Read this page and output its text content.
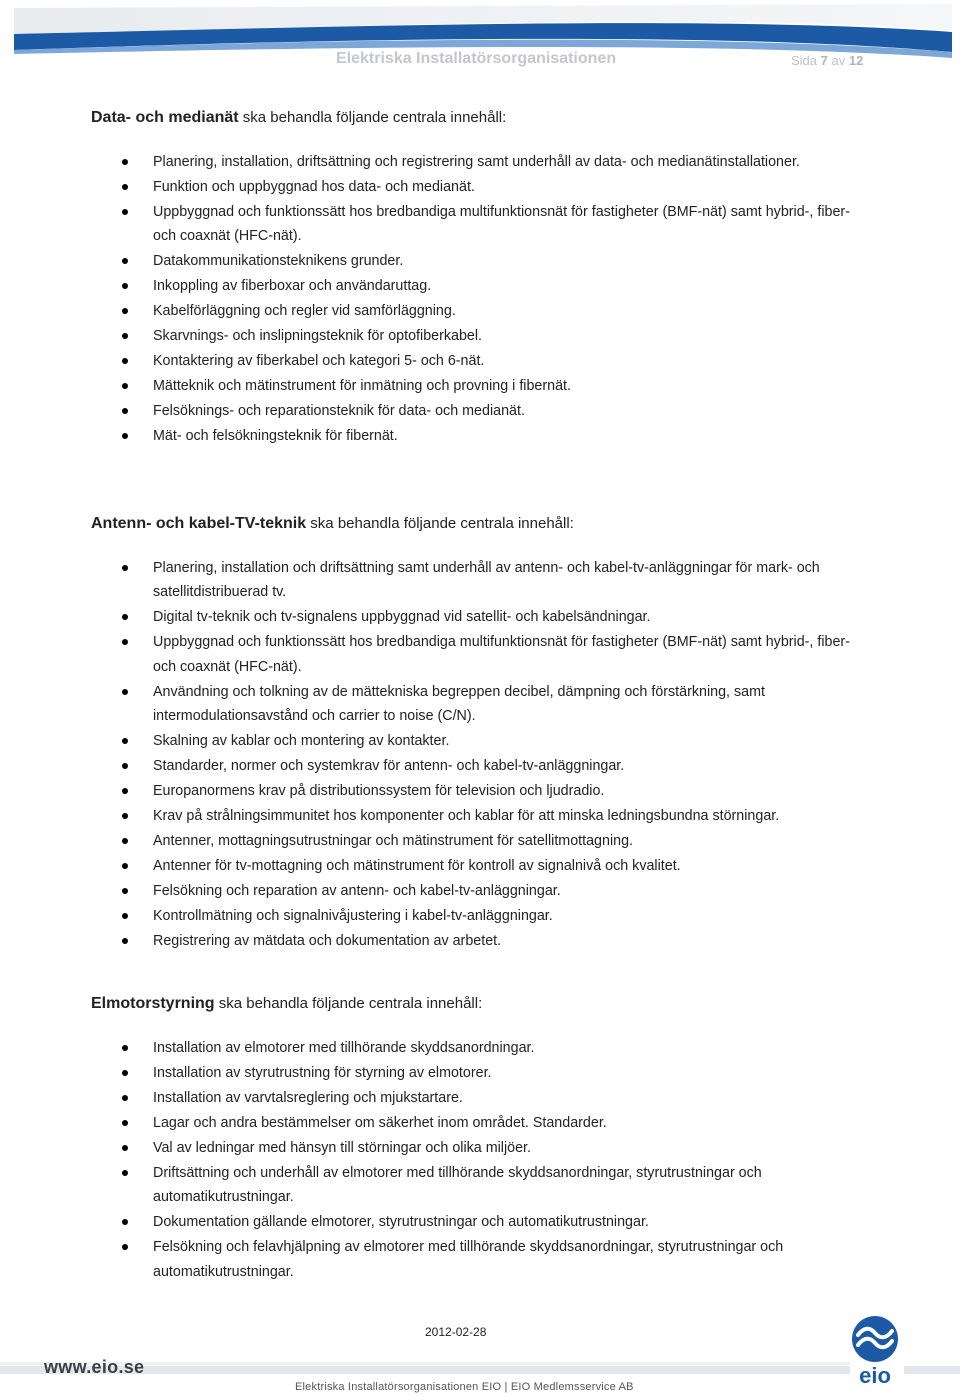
Elektriska Installatörsorganisationen	Sida 7 av 12
Data- och medianät ska behandla följande centrala innehåll:
Planering, installation, driftsättning och registrering samt underhåll av data- och medianätinstallationer.
Funktion och uppbyggnad hos data- och medianät.
Uppbyggnad och funktionssätt hos bredbandiga multifunktionsnät för fastigheter (BMF-nät) samt hybrid-, fiber- och coaxnät (HFC-nät).
Datakommunikationsteknikens grunder.
Inkoppling av fiberboxar och användaruttag.
Kabelförläggning och regler vid samförläggning.
Skarvnings- och inslipningsteknik för optofiberkabel.
Kontaktering av fiberkabel och kategori 5- och 6-nät.
Mätteknik och mätinstrument för inmätning och provning i fibernät.
Felsöknings- och reparationsteknik för data- och medianät.
Mät- och felsökningsteknik för fibernät.
Antenn- och kabel-TV-teknik ska behandla följande centrala innehåll:
Planering, installation och driftsättning samt underhåll av antenn- och kabel-tv-anläggningar för mark- och satellitdistribuerad tv.
Digital tv-teknik och tv-signalens uppbyggnad vid satellit- och kabelsändningar.
Uppbyggnad och funktionssätt hos bredbandiga multifunktionsnät för fastigheter (BMF-nät) samt hybrid-, fiber- och coaxnät (HFC-nät).
Användning och tolkning av de mättekniska begreppen decibel, dämpning och förstärkning, samt intermodulationsavstånd och carrier to noise (C/N).
Skalning av kablar och montering av kontakter.
Standarder, normer och systemkrav för antenn- och kabel-tv-anläggningar.
Europanormens krav på distributionssystem för television och ljudradio.
Krav på strålningsimmunitet hos komponenter och kablar för att minska ledningsbundna störningar.
Antenner, mottagningsutrustningar och mätinstrument för satellitmottagning.
Antenner för tv-mottagning och mätinstrument för kontroll av signalnivå och kvalitet.
Felsökning och reparation av antenn- och kabel-tv-anläggningar.
Kontrollmätning och signalnivåjustering i kabel-tv-anläggningar.
Registrering av mätdata och dokumentation av arbetet.
Elmotorstyrning ska behandla följande centrala innehåll:
Installation av elmotorer med tillhörande skyddsanordningar.
Installation av styrutrustning för styrning av elmotorer.
Installation av varvtalsreglering och mjukstartare.
Lagar och andra bestämmelser om säkerhet inom området. Standarder.
Val av ledningar med hänsyn till störningar och olika miljöer.
Driftsättning och underhåll av elmotorer med tillhörande skyddsanordningar, styrutrustningar och automatikutrustningar.
Dokumentation gällande elmotorer, styrutrustningar och automatikutrustningar.
Felsökning och felavhjälpning av elmotorer med tillhörande skyddsanordningar, styrutrustningar och automatikutrustningar.
2012-02-28
www.eio.se
Elektriska Installatörsorganisationen EIO | EIO Medlemsservice AB	eio
